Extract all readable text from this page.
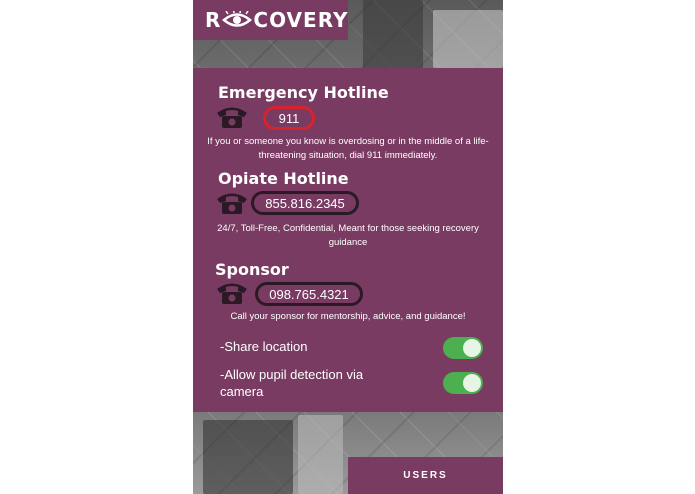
R COVERY
Emergency Hotline
911
If you or someone you know is overdosing or in the middle of a life-threatening situation, dial 911 immediately.
Opiate Hotline
855.816.2345
24/7, Toll-Free, Confidential, Meant for those seeking recovery guidance
Sponsor
098.765.4321
Call your sponsor for mentorship, advice, and guidance!
-Share location
-Allow pupil detection via camera
USERS
